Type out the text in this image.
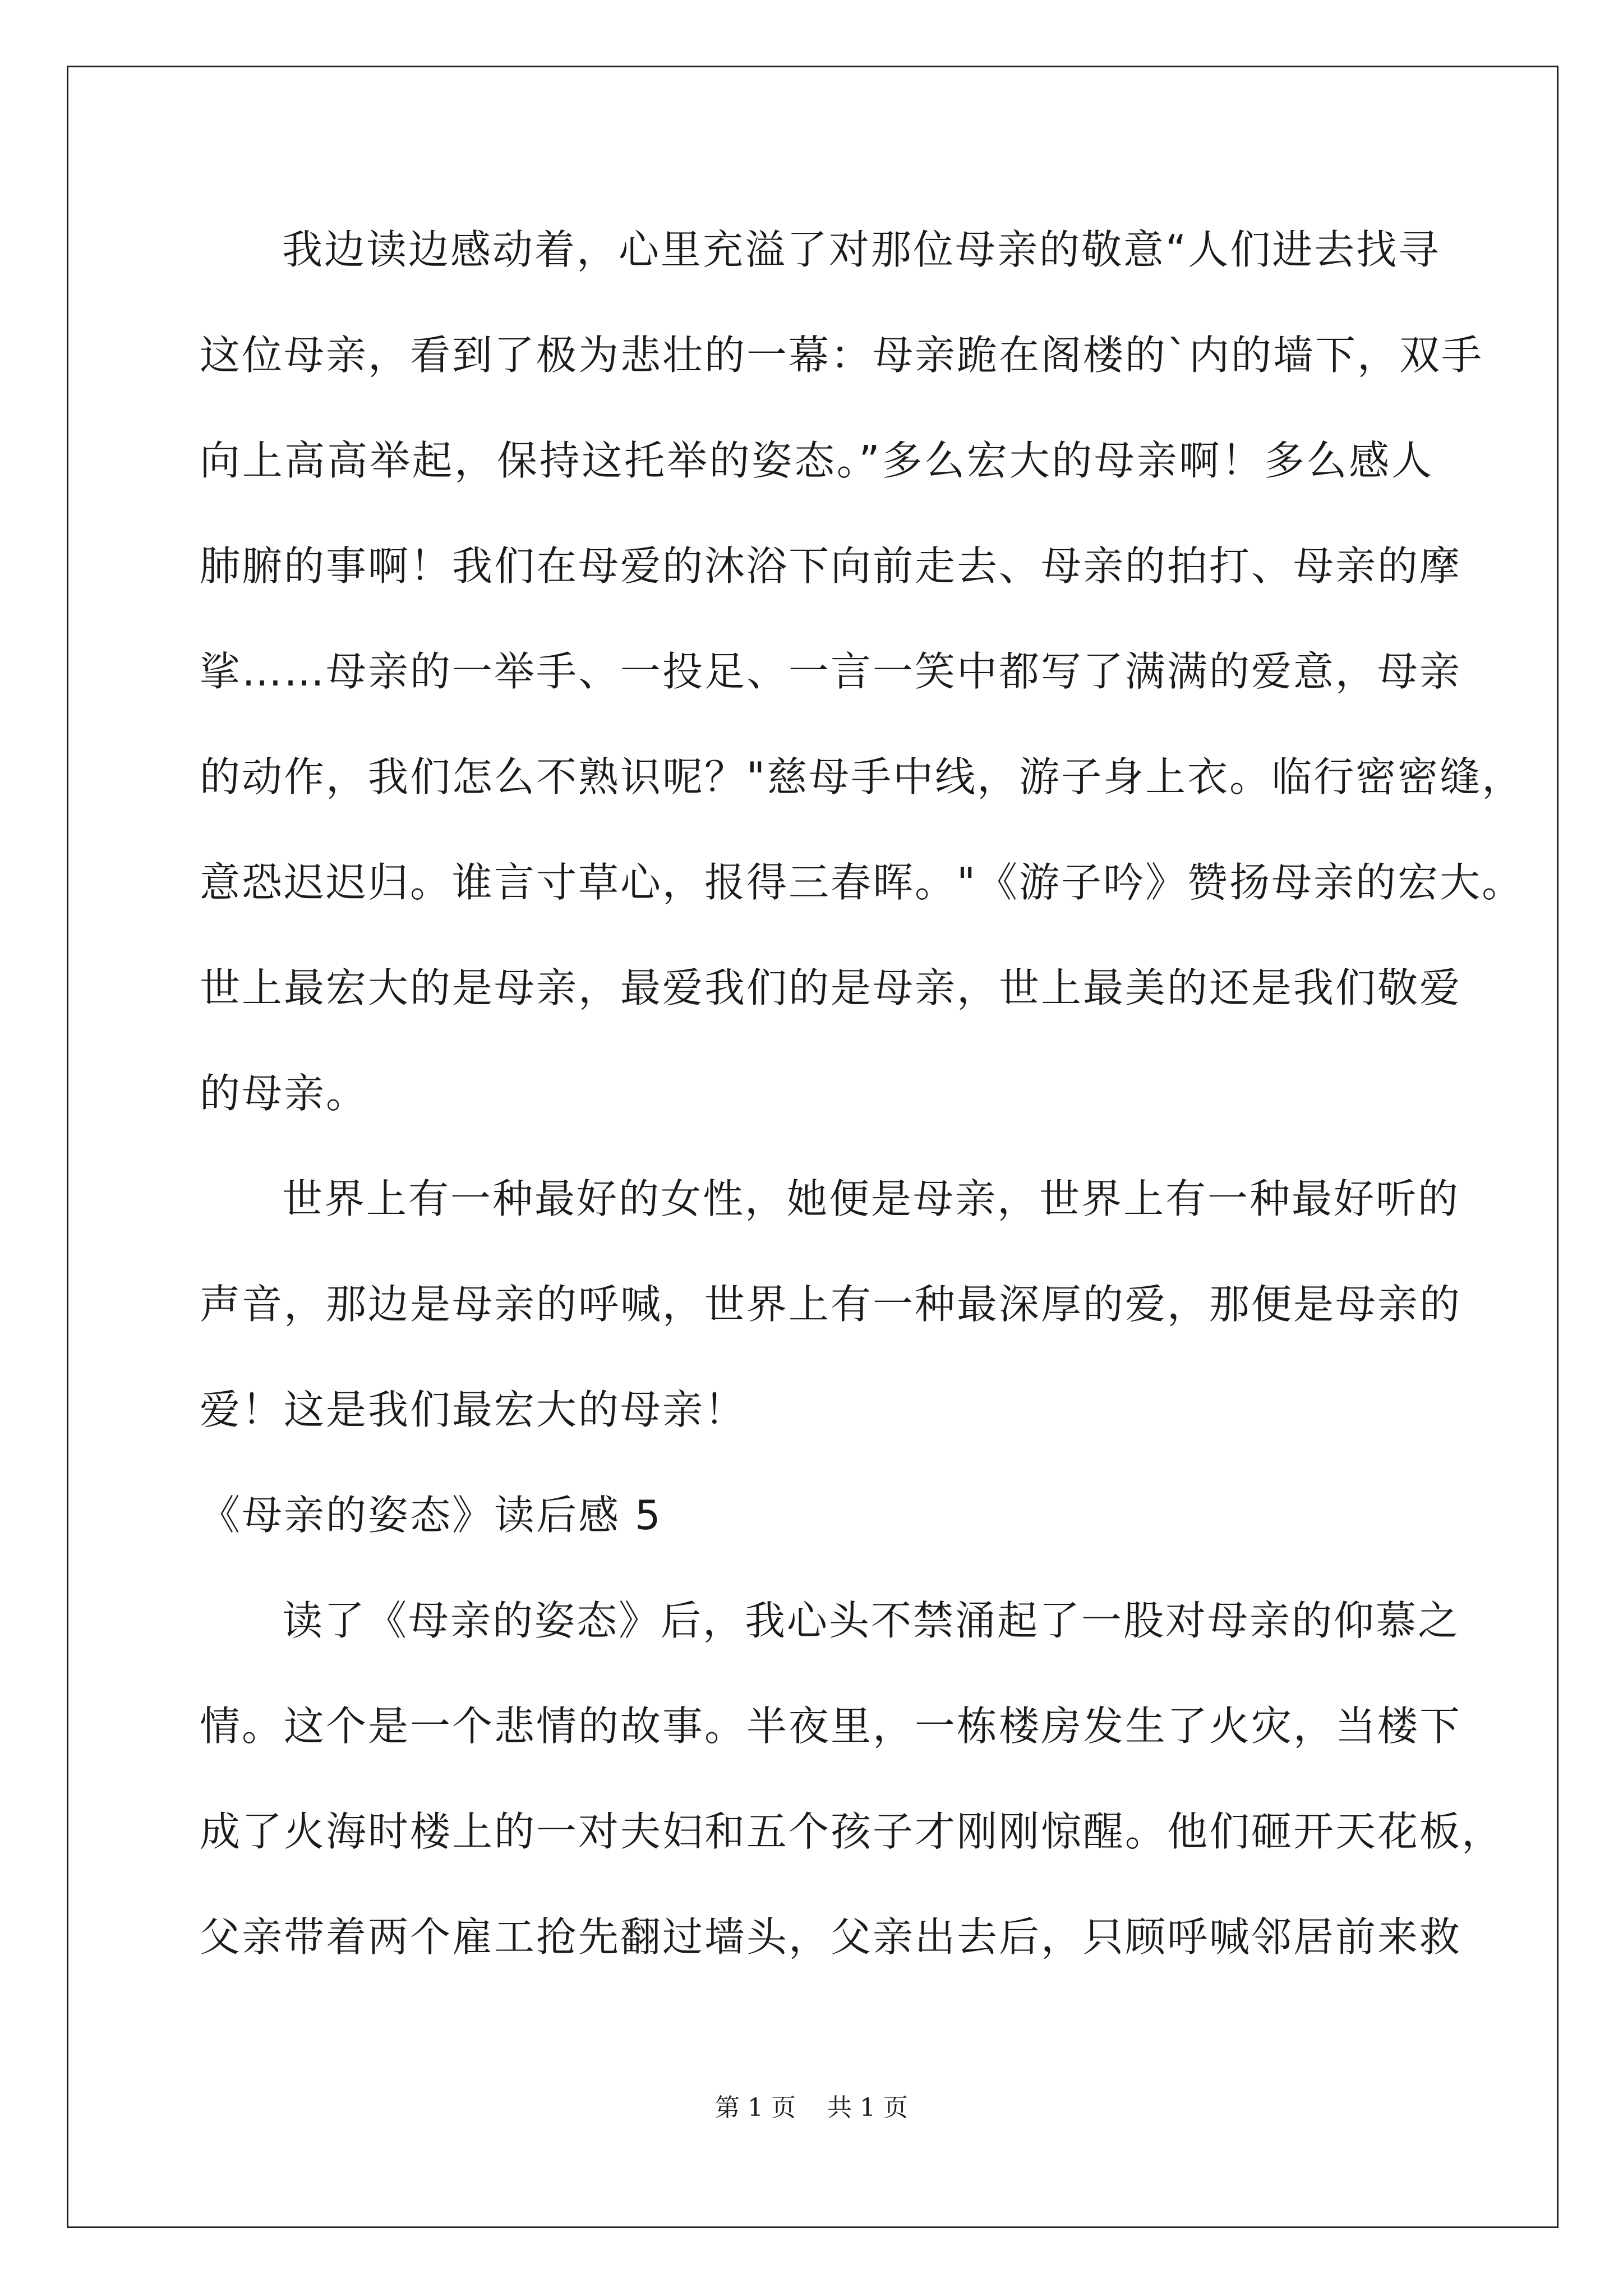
我边读边感动着，心里充溢了对那位母亲的敬意“人们进去找寻
这位母亲，看到了极为悲壮的一幕：母亲跪在阁楼的`内的墙下，双手
向上高高举起，保持这托举的姿态。”多么宏大的母亲啊！多么感人
肺腑的事啊！我们在母爱的沐浴下向前走去、母亲的拍打、母亲的摩
挲……母亲的一举手、一投足、一言一笑中都写了满满的爱意，母亲
的动作，我们怎么不熟识呢？"慈母手中线，游子身上衣。临行密密缝，
意恐迟迟归。谁言寸草心，报得三春晖。"《游子吟》赞扬母亲的宏大。
世上最宏大的是母亲，最爱我们的是母亲，世上最美的还是我们敬爱
的母亲。
世界上有一种最好的女性，她便是母亲，世界上有一种最好听的
声音，那边是母亲的呼喊，世界上有一种最深厚的爱，那便是母亲的
爱！这是我们最宏大的母亲！
《母亲的姿态》读后感 5
读了《母亲的姿态》后，我心头不禁涌起了一股对母亲的仰慕之
情。这个是一个悲情的故事。半夜里，一栋楼房发生了火灾，当楼下
成了火海时楼上的一对夫妇和五个孩子才刚刚惊醒。他们砸开天花板，
父亲带着两个雇工抢先翻过墙头，父亲出去后，只顾呼喊邻居前来救
第 1 页    共 1 页
